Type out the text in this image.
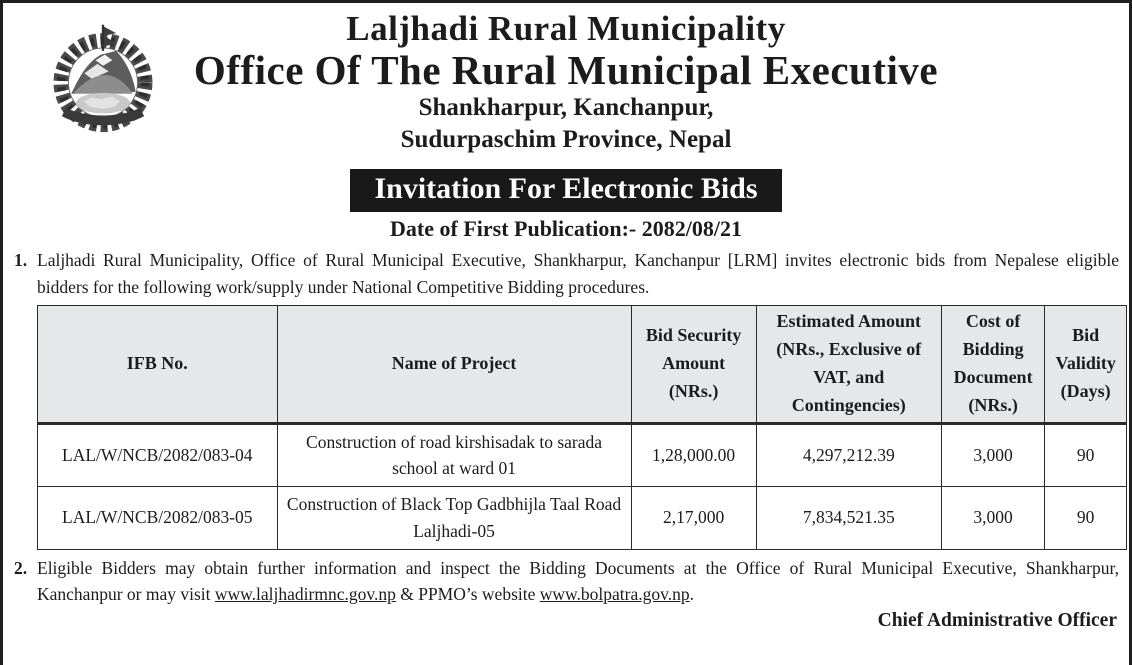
Laljhadi Rural Municipality
Office Of The Rural Municipal Executive
Shankharpur, Kanchanpur,
Sudurpaschim Province, Nepal
Invitation For Electronic Bids
Date of First Publication:- 2082/08/21
1. Laljhadi Rural Municipality, Office of Rural Municipal Executive, Shankharpur, Kanchanpur [LRM] invites electronic bids from Nepalese eligible bidders for the following work/supply under National Competitive Bidding procedures.
IFB No.	Name of Project	Bid Security Amount (NRs.)	Estimated Amount (NRs., Exclusive of VAT, and Contingencies)	Cost of Bidding Document (NRs.)	Bid Validity (Days)
LAL/W/NCB/2082/083-04	Construction of road kirshisadak to sarada school at ward 01	1,28,000.00	4,297,212.39	3,000	90
LAL/W/NCB/2082/083-05	Construction of Black Top Gadbhijla Taal Road Laljhadi-05	2,17,000	7,834,521.35	3,000	90
2. Eligible Bidders may obtain further information and inspect the Bidding Documents at the Office of Rural Municipal Executive, Shankharpur, Kanchanpur or may visit www.laljhadirmnc.gov.np & PPMO’s website www.bolpatra.gov.np.
Chief Administrative Officer
